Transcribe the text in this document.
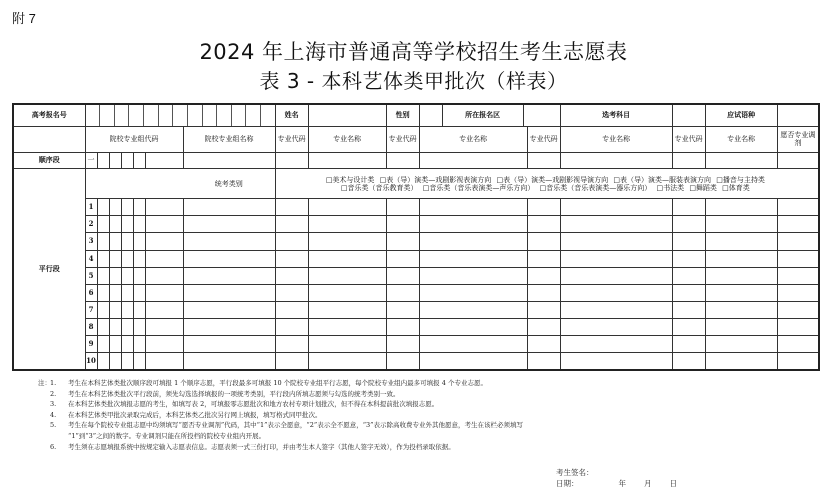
附 7
2024 年上海市普通高等学校招生考生志愿表
表 3 - 本科艺体类甲批次（样表）
高考报名号								姓名		性别	所在报名区		选考科目		应试语种	
	院校专业组代码						院校专业组名称	专业代码	专业名称	专业代码	专业名称	专业代码	专业名称	专业代码	专业名称	愿否专业调剂
顺序段	一															
平行段							统考类别	□美术与设计类 □表（导）演类—戏剧影视表演方向 □表（导）演类—戏剧影视导演方向 □表（导）演类—服装表演方向 □播音与主持类
□音乐类（音乐教育类） □音乐类（音乐表演类—声乐方向） □音乐类（音乐表演类—器乐方向） □书法类 □舞蹈类 □体育类								

	1															
	2															
	3															
	4															
	5															
	6															
	7															
	8															
	9															
	10															
注： 1.	考生在本科艺体类批次顺序段可填报 1 个顺序志愿，平行段最多可填报 10 个院校专业组平行志愿，每个院校专业组内最多可填报 4 个专业志愿。
2.	考生在本科艺体类批次平行段前，须先勾选选择填报的一项统考类别，平行段内所填志愿须与勾选的统考类别一致。
3.	在本科艺体类批次填报志愿的考生，如填写表 2，可填报零志愿批次和地方农村专项计划批次，但不得在本科提前批次填报志愿。
4.	在本科艺体类甲批次录取完成后，本科艺体类乙批次另行网上填报，填写格式同甲批次。
5.	考生在每个院校专业组志愿中均须填写“愿否专业调剂”代码，其中“1”表示全愿意，“2”表示全不愿意，“3”表示除高收费专业外其他愿意，考生在该栏必须填写
“1”到“3”之间的数字。专业调剂只能在所投档的院校专业组内开展。
6.	考生须在志愿填报系统中按规定输入志愿表信息。志愿表须一式三份打印，并由考生本人签字（其他人签字无效），作为投档录取依据。
考生签名：
日期：	年 月 日
